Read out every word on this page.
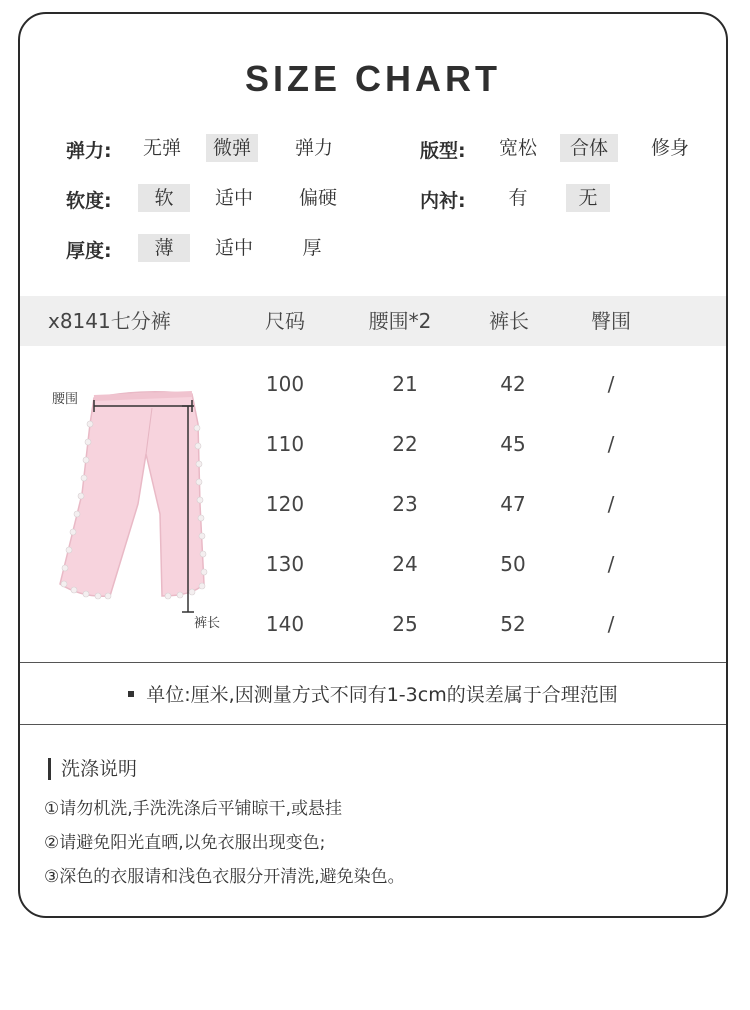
SIZE CHART
弹力:	无弹	微弹	弹力
软度:	软	适中	偏硬
厚度:	薄	适中	厚
版型:	宽松	合体	修身
内衬:	有	无
x8141七分裤	尺码	腰围*2	裤长	臀围
腰围
裤长
100	21	42	/
110	22	45	/
120	23	47	/
130	24	50	/
140	25	52	/
单位:厘米,因测量方式不同有1-3cm的误差属于合理范围
洗涤说明
①请勿机洗,手洗洗涤后平铺晾干,或悬挂
②请避免阳光直晒,以免衣服出现变色;
③深色的衣服请和浅色衣服分开清洗,避免染色。
